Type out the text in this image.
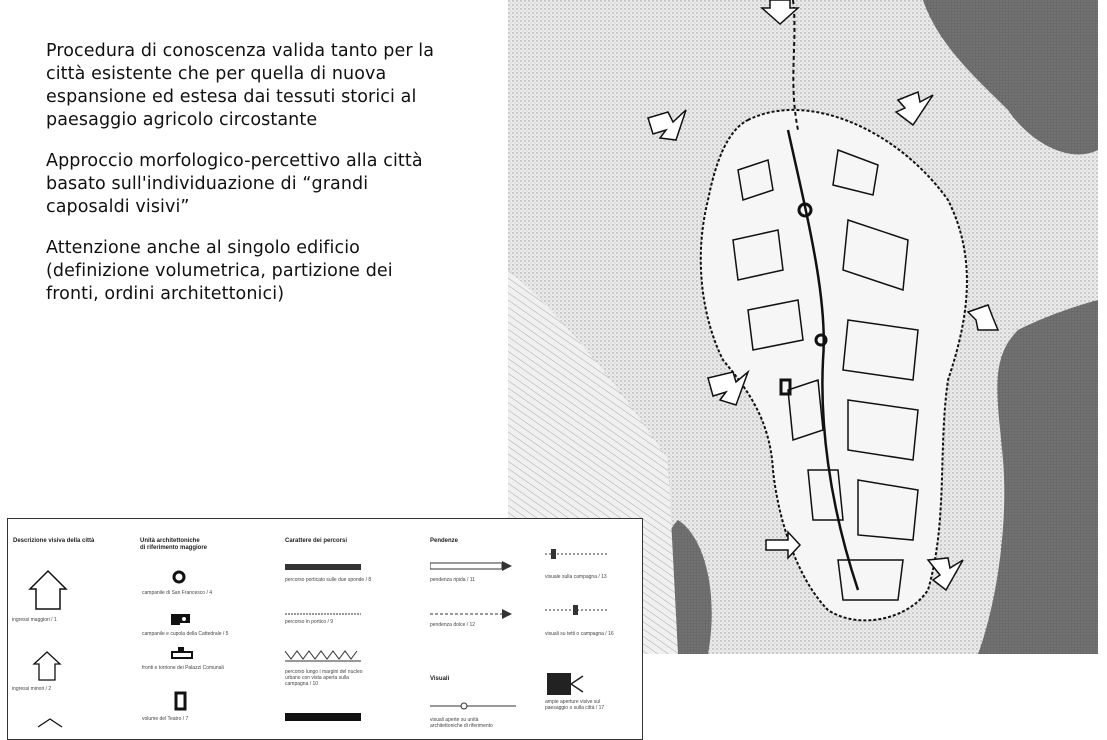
Procedura di conoscenza valida tanto per la
città esistente che per quella di nuova
espansione ed estesa dai tessuti storici al
paesaggio agricolo circostante

Approccio morfologico-percettivo alla città
basato sull'individuazione di “grandi
caposaldi visivi”

Attenzione anche al singolo edificio
(definizione volumetrica, partizione dei
fronti, ordini architettonici)

Descrizione visiva della città
ingressi maggiori / 1
ingressi minori / 2
Unità architettoniche
di riferimento maggiore
campanile di San Francesco / 4
campanile e cupola della Cattedrale / 5
fronti e torrione dei Palazzi Comunali
volume del Teatro / 7
Carattere dei percorsi
percorso porticato sulle due sponde / 8
percorso in portico / 9
percorso lungo i margini del nucleo
urbano con vista aperta sulla
campagna / 10
Pendenze
pendenza ripida / 11
pendenza dolce / 12
Visuali
visuali aperte su unità
architettoniche di riferimento
visuale sulla campagna / 13
visuali su tetti o campagna / 16
ampie aperture visive sul
paesaggio o sulla città / 17
